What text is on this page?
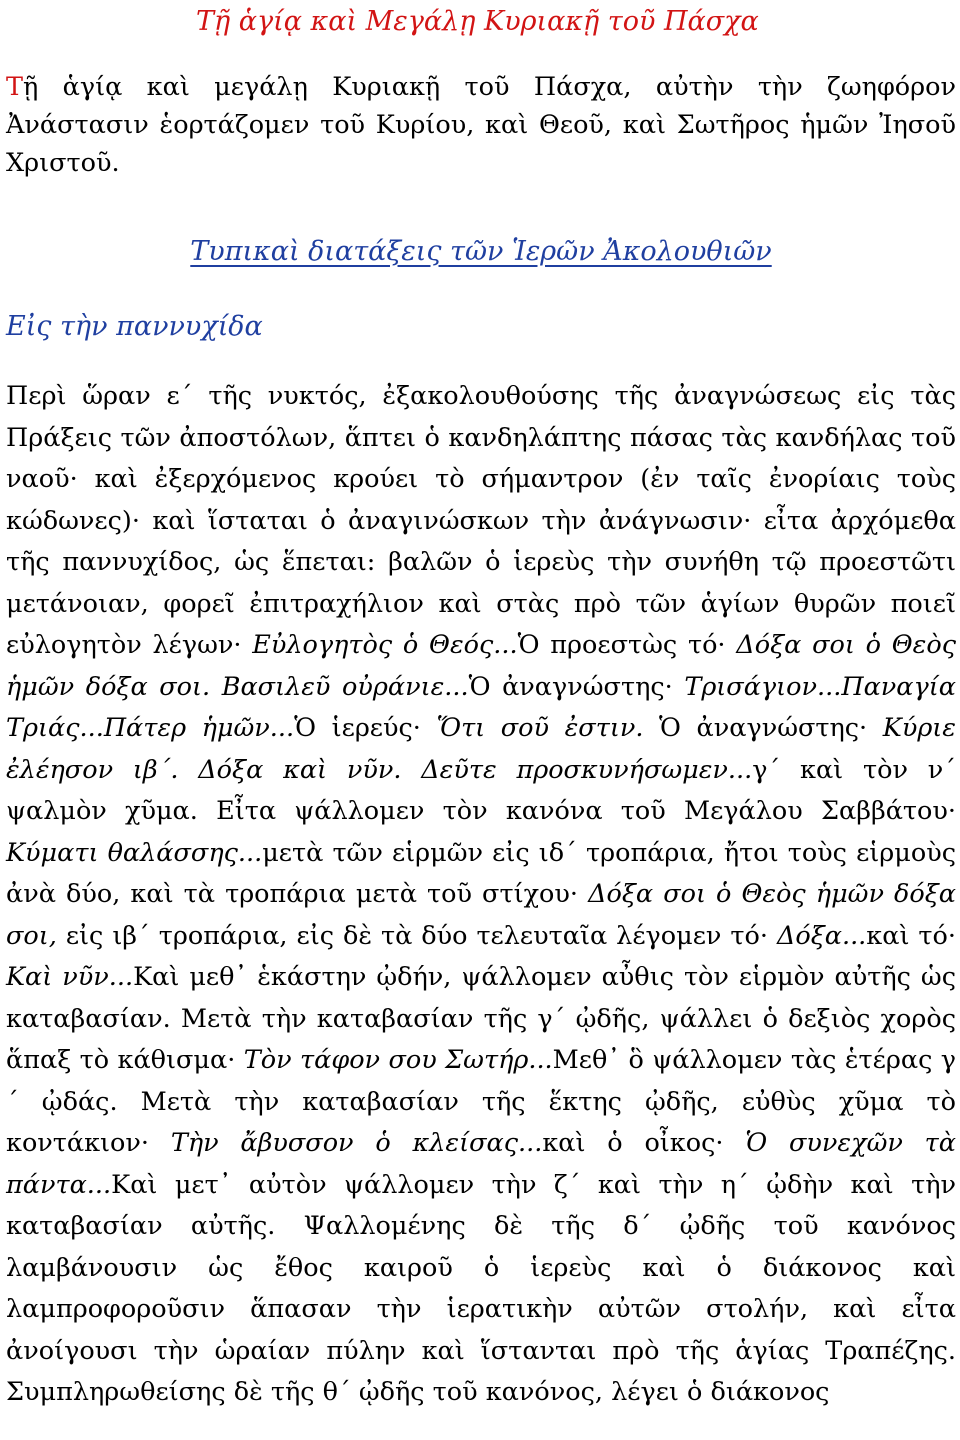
Τῇ ἁγίᾳ καὶ Μεγάλῃ Κυριακῇ τοῦ Πάσχα

Τῇ ἁγίᾳ καὶ μεγάλῃ Κυριακῇ τοῦ Πάσχα, αὐτὴν τὴν ζωηφόρον Ἀνάστασιν ἑορτάζομεν τοῦ Κυρίου, καὶ Θεοῦ, καὶ Σωτῆρος ἡμῶν Ἰησοῦ Χριστοῦ.

Τυπικαὶ διατάξεις τῶν Ἱερῶν Ἀκολουθιῶν
Εἰς τὴν παννυχίδα

Περὶ ὥραν ε´ τῆς νυκτός, ἐξακολουθούσης τῆς ἀναγνώσεως εἰς τὰς Πράξεις τῶν ἀποστόλων, ἅπτει ὁ κανδηλάπτης πάσας τὰς κανδήλας τοῦ ναοῦ· καὶ ἐξερχόμενος κρούει τὸ σήμαντρον (ἐν ταῖς ἐνορίαις τοὺς κώδωνες)· καὶ ἵσταται ὁ ἀναγινώσκων τὴν ἀνάγνωσιν· εἶτα ἀρχόμεθα τῆς παννυχίδος, ὡς ἕπεται: βαλῶν ὁ ἱερεὺς τὴν συνήθη τῷ προεστῶτι μετάνοιαν, φορεῖ ἐπιτραχήλιον καὶ στὰς πρὸ τῶν ἁγίων θυρῶν ποιεῖ εὐλογητὸν λέγων· Εὐλογητὸς ὁ Θεός...Ὁ προεστὼς τό· Δόξα σοι ὁ Θεὸς ἡμῶν δόξα σοι. Βασιλεῦ οὐράνιε...Ὁ ἀναγνώστης· Τρισάγιον...Παναγία Τριάς...Πάτερ ἡμῶν...Ὁ ἱερεύς· Ὅτι σοῦ ἐστιν. Ὁ ἀναγνώστης· Κύριε ἐλέησον ιβ´. Δόξα καὶ νῦν. Δεῦτε προσκυνήσωμεν...γ´ καὶ τὸν ν´ ψαλμὸν χῦμα. Εἶτα ψάλλομεν τὸν κανόνα τοῦ Μεγάλου Σαββάτου· Κύματι θαλάσσης...μετὰ τῶν εἱρμῶν εἰς ιδ´ τροπάρια, ἤτοι τοὺς εἱρμοὺς ἀνὰ δύο, καὶ τὰ τροπάρια μετὰ τοῦ στίχου· Δόξα σοι ὁ Θεὸς ἡμῶν δόξα σοι, εἰς ιβ´ τροπάρια, εἰς δὲ τὰ δύο τελευταῖα λέγομεν τό· Δόξα...καὶ τό· Καὶ νῦν...Καὶ μεθ᾽ ἑκάστην ᾠδήν, ψάλλομεν αὖθις τὸν εἱρμὸν αὐτῆς ὡς καταβασίαν. Μετὰ τὴν καταβασίαν τῆς γ´ ᾠδῆς, ψάλλει ὁ δεξιὸς χορὸς ἅπαξ τὸ κάθισμα· Τὸν τάφον σου Σωτήρ...Μεθ᾽ ὃ ψάλλομεν τὰς ἑτέρας γ´ ᾠδάς. Μετὰ τὴν καταβασίαν τῆς ἕκτης ᾠδῆς, εὐθὺς χῦμα τὸ κοντάκιον· Τὴν ἄβυσσον ὁ κλείσας...καὶ ὁ οἶκος· Ὁ συνεχῶν τὰ πάντα...Καὶ μετ᾽ αὐτὸν ψάλλομεν τὴν ζ´ καὶ τὴν η´ ᾠδὴν καὶ τὴν καταβασίαν αὐτῆς. Ψαλλομένης δὲ τῆς δ´ ᾠδῆς τοῦ κανόνος λαμβάνουσιν ὡς ἔθος καιροῦ ὁ ἱερεὺς καὶ ὁ διάκονος καὶ λαμπροφοροῦσιν ἅπασαν τὴν ἱερατικὴν αὐτῶν στολήν, καὶ εἶτα ἀνοίγουσι τὴν ὡραίαν πύλην καὶ ἵστανται πρὸ τῆς ἁγίας Τραπέζης. Συμπληρωθείσης δὲ τῆς θ´ ᾠδῆς τοῦ κανόνος, λέγει ὁ διάκονος
